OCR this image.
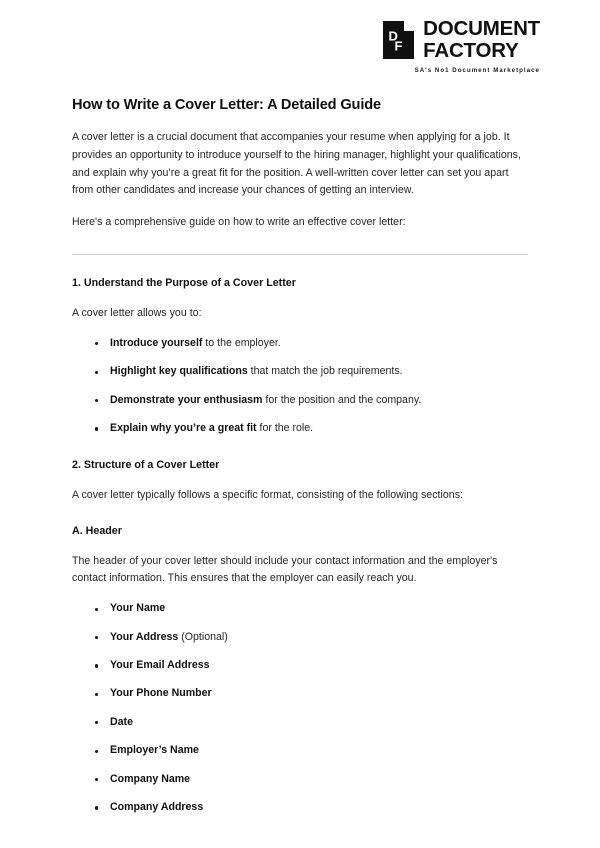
D
F
DOCUMENT
FACTORY
SA's No1 Document Marketplace
How to Write a Cover Letter: A Detailed Guide

A cover letter is a crucial document that accompanies your resume when applying for a job. It provides an opportunity to introduce yourself to the hiring manager, highlight your qualifications, and explain why you’re a great fit for the position. A well-written cover letter can set you apart from other candidates and increase your chances of getting an interview.

Here's a comprehensive guide on how to write an effective cover letter:

1. Understand the Purpose of a Cover Letter

A cover letter allows you to:

Introduce yourself to the employer.
Highlight key qualifications that match the job requirements.
Demonstrate your enthusiasm for the position and the company.
Explain why you’re a great fit for the role.
2. Structure of a Cover Letter

A cover letter typically follows a specific format, consisting of the following sections:

A. Header

The header of your cover letter should include your contact information and the employer's contact information. This ensures that the employer can easily reach you.

Your Name
Your Address (Optional)
Your Email Address
Your Phone Number
Date
Employer’s Name
Company Name
Company Address
